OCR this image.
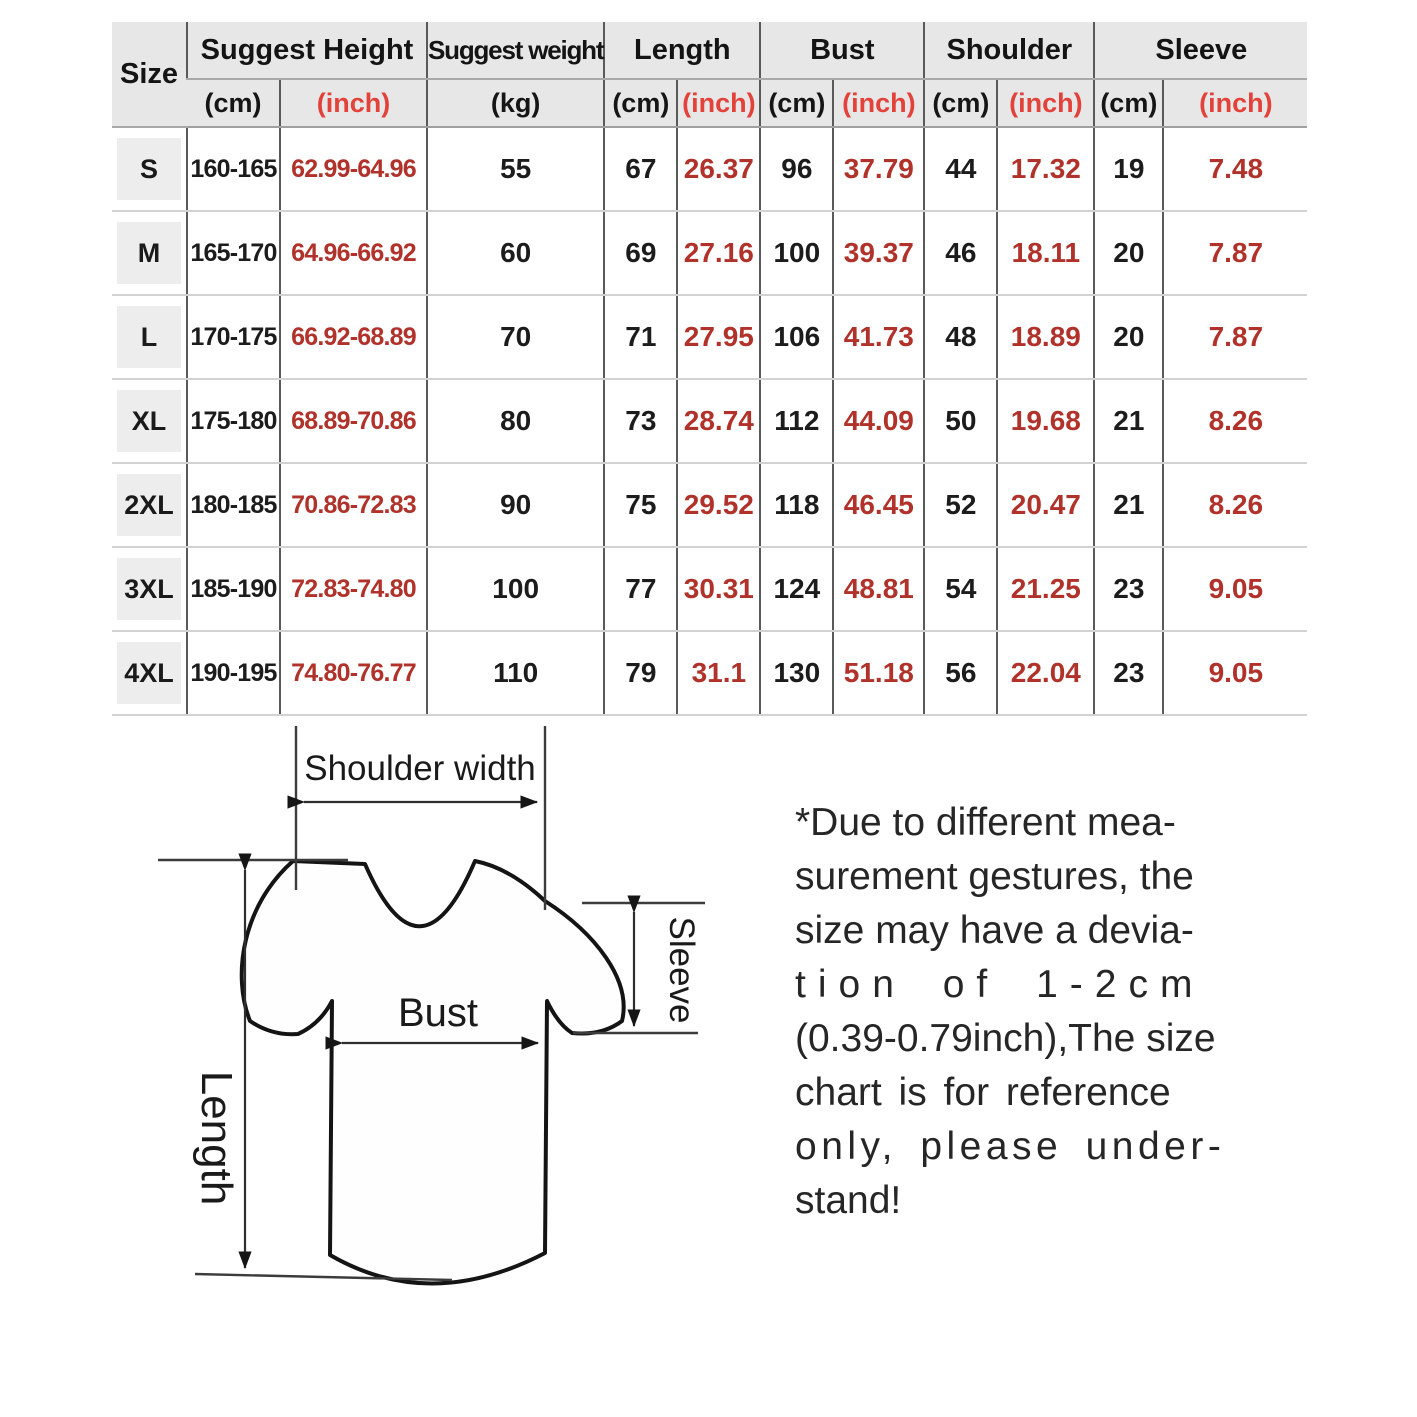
Size	Suggest Height		Suggest weight	Length		Bust		Shoulder		Sleeve	
	(cm)	(inch)	(kg)	(cm)	(inch)	(cm)	(inch)	(cm)	(inch)	(cm)	(inch)
S	160-165	62.99-64.96	55	67	26.37	96	37.79	44	17.32	19	7.48
M	165-170	64.96-66.92	60	69	27.16	100	39.37	46	18.11	20	7.87
L	170-175	66.92-68.89	70	71	27.95	106	41.73	48	18.89	20	7.87
XL	175-180	68.89-70.86	80	73	28.74	112	44.09	50	19.68	21	8.26
2XL	180-185	70.86-72.83	90	75	29.52	118	46.45	52	20.47	21	8.26
3XL	185-190	72.83-74.80	100	77	30.31	124	48.81	54	21.25	23	9.05
4XL	190-195	74.80-76.77	110	79	31.1	130	51.18	56	22.04	23	9.05
Shoulder width
Length
Bust	Sleeve
*Due to different mea-
surement gestures, the
size may have a devia-
tion of 1-2cm
(0.39-0.79inch),The size
chart is for reference
only, please under-
stand!
